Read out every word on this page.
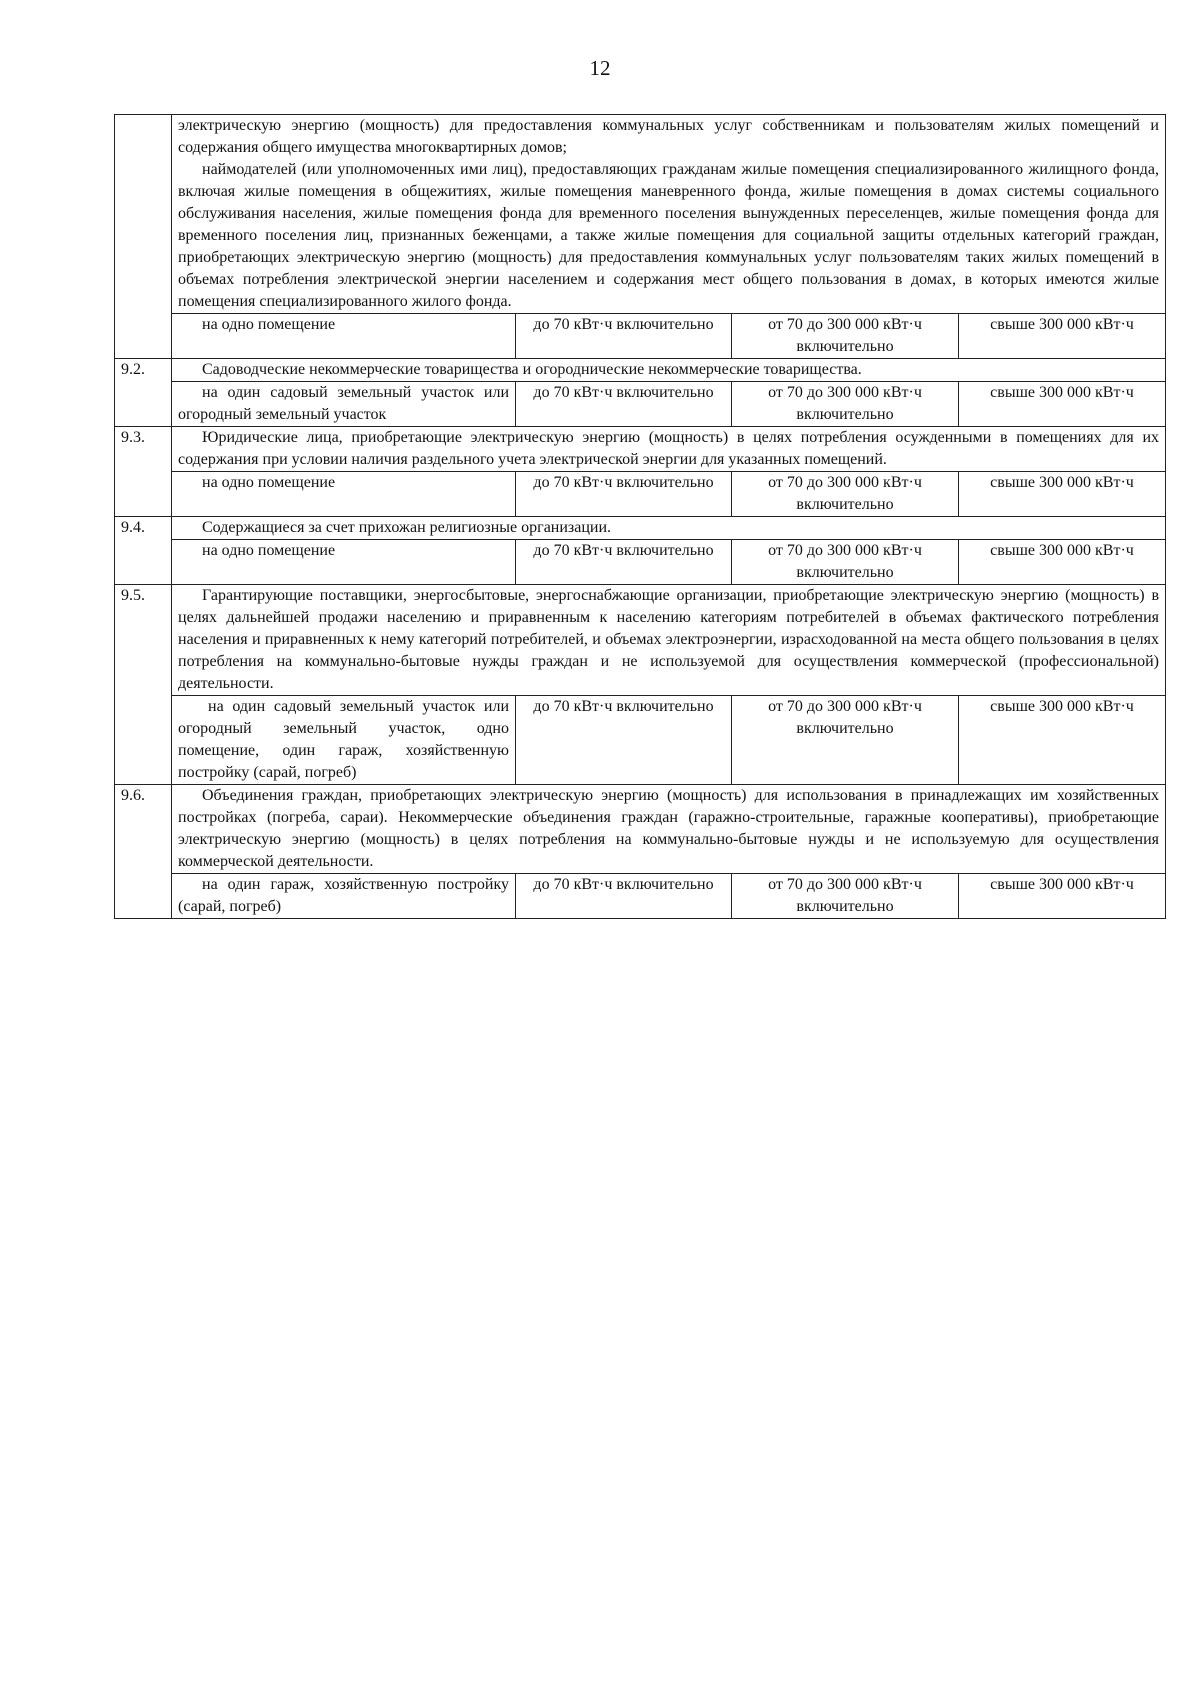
12

	электрическую энергию (мощность) для предоставления коммунальных услуг собственникам и пользователям жилых помещений и содержания общего имущества многоквартирных домов;

наймодателей (или уполномоченных ими лиц), предоставляющих гражданам жилые помещения специализированного жилищного фонда, включая жилые помещения в общежитиях, жилые помещения маневренного фонда, жилые помещения в домах системы социального обслуживания населения, жилые помещения фонда для временного поселения вынужденных переселенцев, жилые помещения фонда для временного поселения лиц, признанных беженцами, а также жилые помещения для социальной защиты отдельных категорий граждан, приобретающих электрическую энергию (мощность) для предоставления коммунальных услуг пользователям таких жилых помещений в объемах потребления электрической энергии населением и содержания мест общего пользования в домах, в которых имеются жилые помещения специализированного жилого фонда.			

	на одно помещение	до 70 кВт·ч включительно	от 70 до 300 000 кВт·ч включительно	свыше 300 000 кВт·ч
9.2.	Садоводческие некоммерческие товарищества и огороднические некоммерческие товарищества.			

	на один садовый земельный участок или огородный земельный участок	до 70 кВт·ч включительно	от 70 до 300 000 кВт·ч включительно	свыше 300 000 кВт·ч
9.3.	Юридические лица, приобретающие электрическую энергию (мощность) в целях потребления осужденными в помещениях для их содержания при условии наличия раздельного учета электрической энергии для указанных помещений.			

	на одно помещение	до 70 кВт·ч включительно	от 70 до 300 000 кВт·ч включительно	свыше 300 000 кВт·ч
9.4.	Содержащиеся за счет прихожан религиозные организации.			

	на одно помещение	до 70 кВт·ч включительно	от 70 до 300 000 кВт·ч включительно	свыше 300 000 кВт·ч
9.5.	Гарантирующие поставщики, энергосбытовые, энергоснабжающие организации, приобретающие электрическую энергию (мощность) в целях дальнейшей продажи населению и приравненным к населению категориям потребителей в объемах фактического потребления населения и приравненных к нему категорий потребителей, и объемах электроэнергии, израсходованной на места общего пользования в целях потребления на коммунально-бытовые нужды граждан и не используемой для осуществления коммерческой (профессиональной) деятельности.			

	на один садовый земельный участок или огородный земельный участок, одно помещение, один гараж, хозяйственную постройку (сарай, погреб)	до 70 кВт·ч включительно	от 70 до 300 000 кВт·ч включительно	свыше 300 000 кВт·ч
9.6.	Объединения граждан, приобретающих электрическую энергию (мощность) для использования в принадлежащих им хозяйственных постройках (погреба, сараи). Некоммерческие объединения граждан (гаражно-строительные, гаражные кооперативы), приобретающие электрическую энергию (мощность) в целях потребления на коммунально-бытовые нужды и не используемую для осуществления коммерческой деятельности.			

	на один гараж, хозяйственную постройку (сарай, погреб)	до 70 кВт·ч включительно	от 70 до 300 000 кВт·ч включительно	свыше 300 000 кВт·ч
